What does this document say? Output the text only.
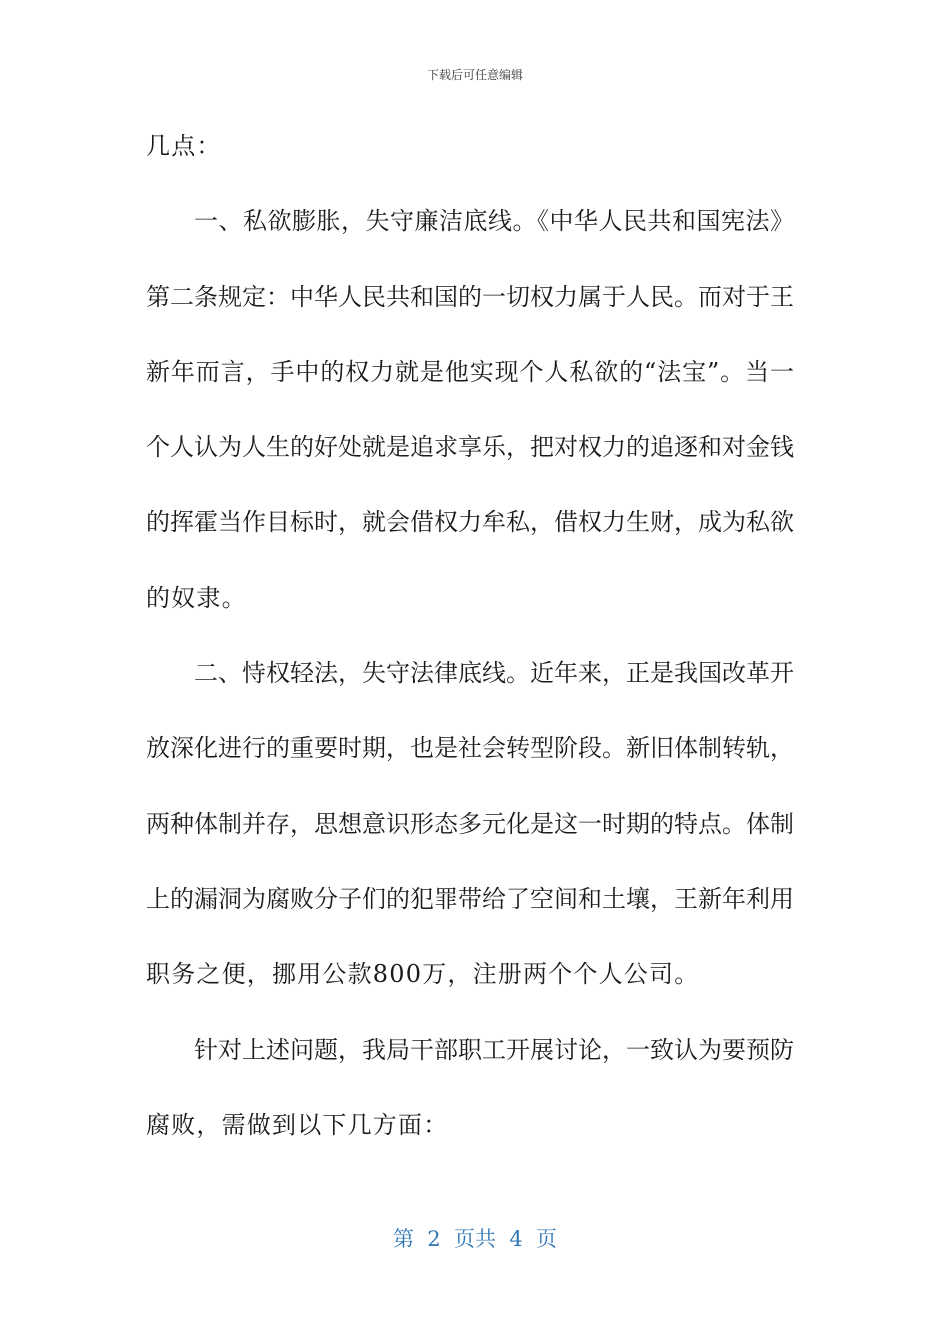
下载后可任意编辑
几点：
一、私欲膨胀，失守廉洁底线。《中华人民共和国宪法》
第二条规定：中华人民共和国的一切权力属于人民。而对于王
新年而言，手中的权力就是他实现个人私欲的“法宝”。当一
个人认为人生的好处就是追求享乐，把对权力的追逐和对金钱
的挥霍当作目标时，就会借权力牟私，借权力生财，成为私欲
的奴隶。
二、恃权轻法，失守法律底线。近年来，正是我国改革开
放深化进行的重要时期，也是社会转型阶段。新旧体制转轨，
两种体制并存，思想意识形态多元化是这一时期的特点。体制
上的漏洞为腐败分子们的犯罪带给了空间和土壤，王新年利用
职务之便，挪用公款800万，注册两个个人公司。
针对上述问题，我局干部职工开展讨论，一致认为要预防
腐败，需做到以下几方面：
第  2  页共  4  页
